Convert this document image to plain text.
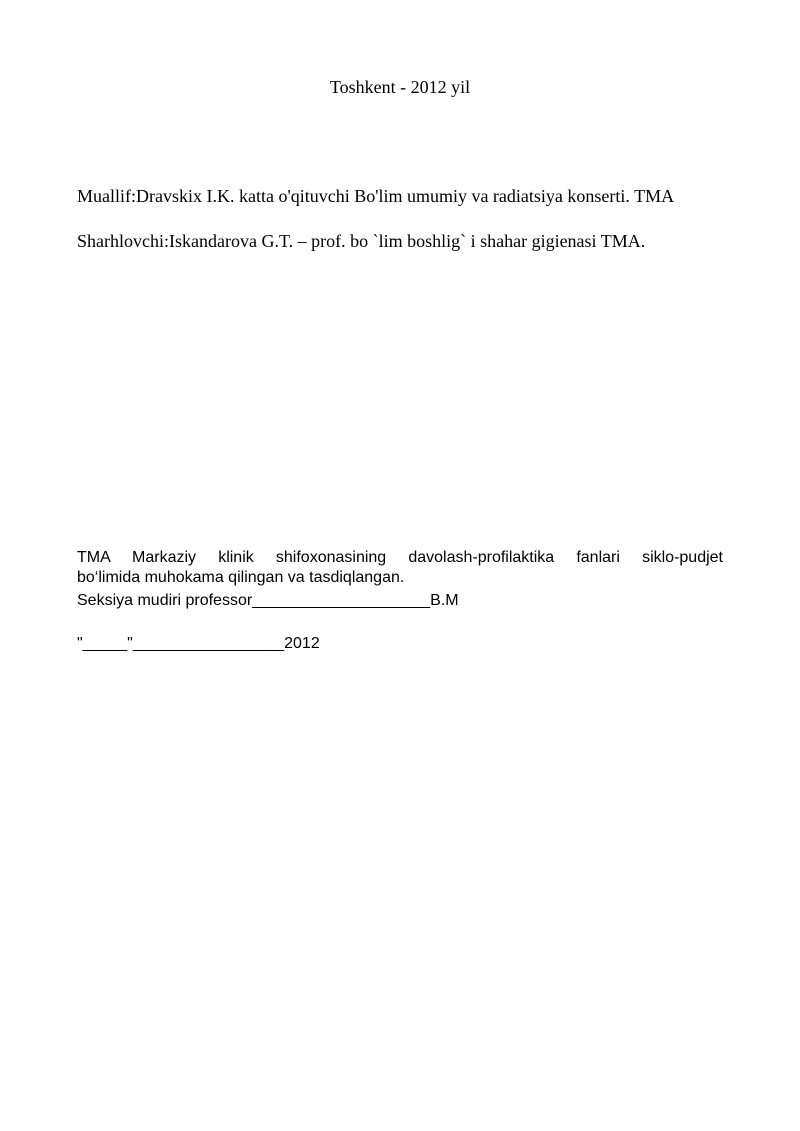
Toshkent - 2012 yil
Muallif:Dravskix I.K. katta o'qituvchi Bo'lim umumiy va radiatsiya konserti. TMA
Sharhlovchi:Iskandarova G.T. – prof. bo `lim boshlig` i shahar gigienasi TMA.
TMA Markaziy klinik shifoxonasining davolash-profilaktika fanlari siklo-pudjet
bo‘limida muhokama qilingan va tasdiqlangan.
Seksiya mudiri professor____________________B.M
"_____"_________________2012
